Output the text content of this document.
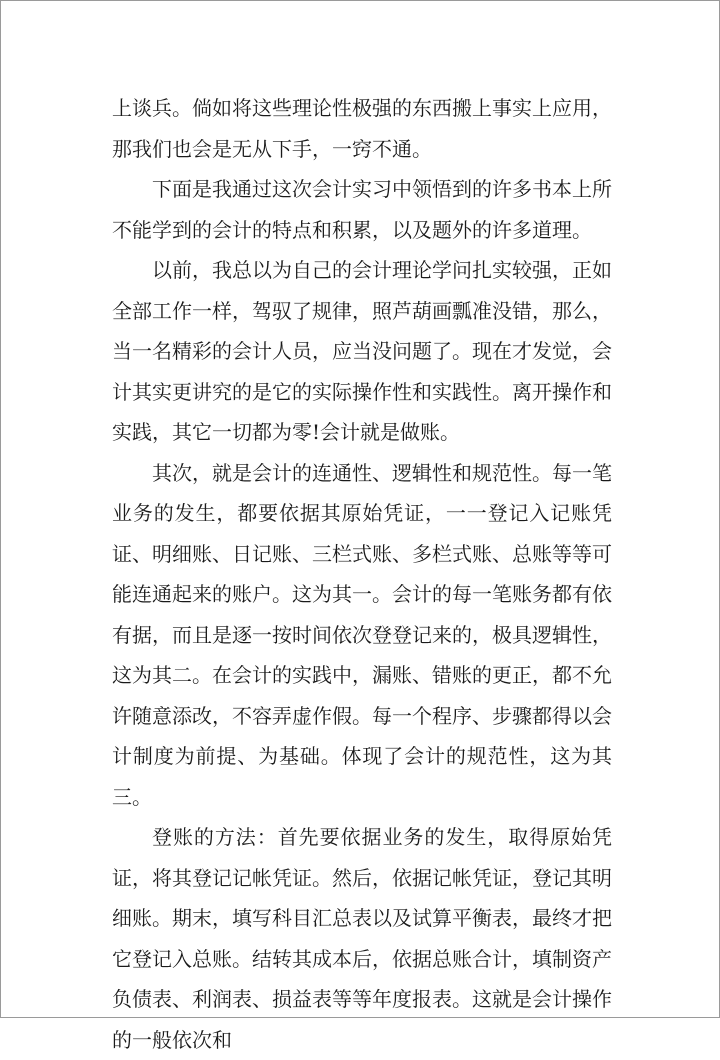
上谈兵。倘如将这些理论性极强的东西搬上事实上应用，那我们也会是无从下手，一窍不通。

下面是我通过这次会计实习中领悟到的许多书本上所不能学到的会计的特点和积累，以及题外的许多道理。

以前，我总以为自己的会计理论学问扎实较强，正如全部工作一样，驾驭了规律，照芦葫画瓢准没错，那么，当一名精彩的会计人员，应当没问题了。现在才发觉，会计其实更讲究的是它的实际操作性和实践性。离开操作和实践，其它一切都为零!会计就是做账。

其次，就是会计的连通性、逻辑性和规范性。每一笔业务的发生，都要依据其原始凭证，一一登记入记账凭证、明细账、日记账、三栏式账、多栏式账、总账等等可能连通起来的账户。这为其一。会计的每一笔账务都有依有据，而且是逐一按时间依次登登记来的，极具逻辑性，这为其二。在会计的实践中，漏账、错账的更正，都不允许随意添改，不容弄虚作假。每一个程序、步骤都得以会计制度为前提、为基础。体现了会计的规范性，这为其三。

登账的方法：首先要依据业务的发生，取得原始凭证，将其登记记帐凭证。然后，依据记帐凭证，登记其明细账。期末，填写科目汇总表以及试算平衡表，最终才把它登记入总账。结转其成本后，依据总账合计，填制资产负债表、利润表、损益表等等年度报表。这就是会计操作的一般依次和
